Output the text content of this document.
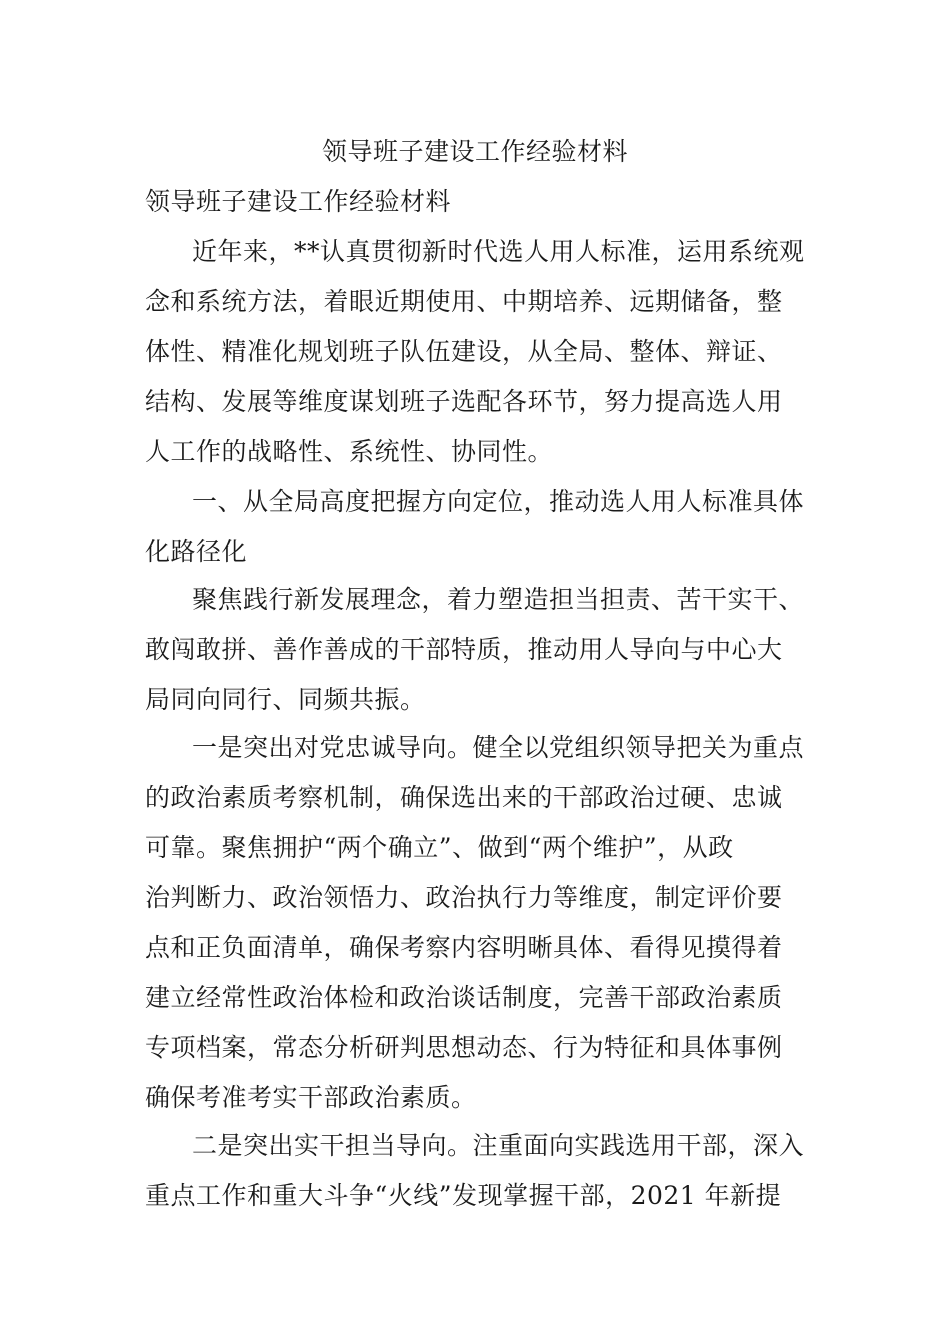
领导班子建设工作经验材料
领导班子建设工作经验材料
近年来，**认真贯彻新时代选人用人标准，运用系统观
念和系统方法，着眼近期使用、中期培养、远期储备，整
体性、精准化规划班子队伍建设，从全局、整体、辩证、
结构、发展等维度谋划班子选配各环节，努力提高选人用
人工作的战略性、系统性、协同性。
一、从全局高度把握方向定位，推动选人用人标准具体
化路径化
聚焦践行新发展理念，着力塑造担当担责、苦干实干、
敢闯敢拼、善作善成的干部特质，推动用人导向与中心大
局同向同行、同频共振。
一是突出对党忠诚导向。健全以党组织领导把关为重点
的政治素质考察机制，确保选出来的干部政治过硬、忠诚
可靠。聚焦拥护“两个确立”、做到“两个维护”，从政
治判断力、政治领悟力、政治执行力等维度，制定评价要
点和正负面清单，确保考察内容明晰具体、看得见摸得着
建立经常性政治体检和政治谈话制度，完善干部政治素质
专项档案，常态分析研判思想动态、行为特征和具体事例
确保考准考实干部政治素质。
二是突出实干担当导向。注重面向实践选用干部，深入
重点工作和重大斗争“火线”发现掌握干部，2021 年新提
